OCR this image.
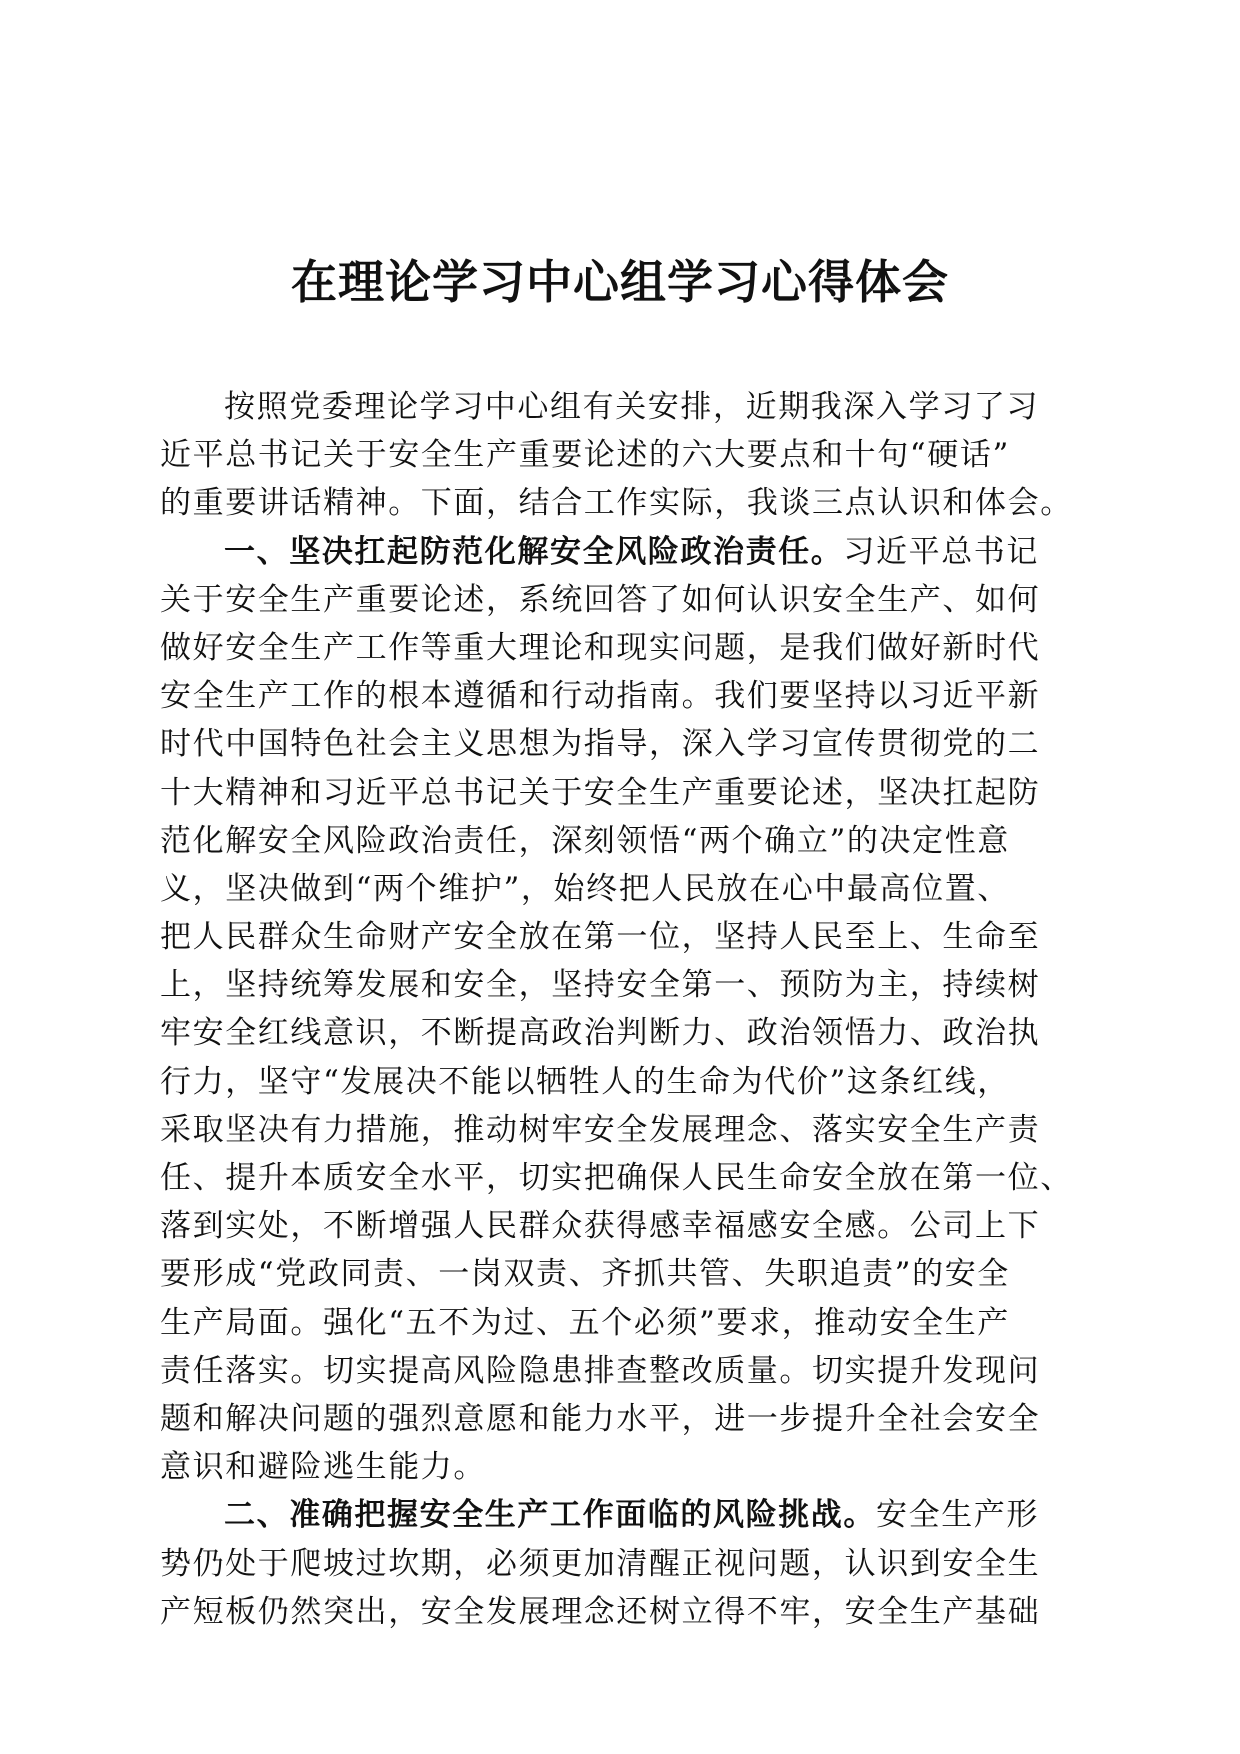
在理论学习中心组学习心得体会
按照党委理论学习中心组有关安排，近期我深入学习了习
近平总书记关于安全生产重要论述的六大要点和十句“硬话”
的重要讲话精神。下面，结合工作实际，我谈三点认识和体会。
一、坚决扛起防范化解安全风险政治责任。习近平总书记
关于安全生产重要论述，系统回答了如何认识安全生产、如何
做好安全生产工作等重大理论和现实问题，是我们做好新时代
安全生产工作的根本遵循和行动指南。我们要坚持以习近平新
时代中国特色社会主义思想为指导，深入学习宣传贯彻党的二
十大精神和习近平总书记关于安全生产重要论述，坚决扛起防
范化解安全风险政治责任，深刻领悟“两个确立”的决定性意
义，坚决做到“两个维护”，始终把人民放在心中最高位置、
把人民群众生命财产安全放在第一位，坚持人民至上、生命至
上，坚持统筹发展和安全，坚持安全第一、预防为主，持续树
牢安全红线意识，不断提高政治判断力、政治领悟力、政治执
行力，坚守“发展决不能以牺牲人的生命为代价”这条红线，
采取坚决有力措施，推动树牢安全发展理念、落实安全生产责
任、提升本质安全水平，切实把确保人民生命安全放在第一位、
落到实处，不断增强人民群众获得感幸福感安全感。公司上下
要形成“党政同责、一岗双责、齐抓共管、失职追责”的安全
生产局面。强化“五不为过、五个必须”要求，推动安全生产
责任落实。切实提高风险隐患排查整改质量。切实提升发现问
题和解决问题的强烈意愿和能力水平，进一步提升全社会安全
意识和避险逃生能力。
二、准确把握安全生产工作面临的风险挑战。安全生产形
势仍处于爬坡过坎期，必须更加清醒正视问题，认识到安全生
产短板仍然突出，安全发展理念还树立得不牢，安全生产基础
